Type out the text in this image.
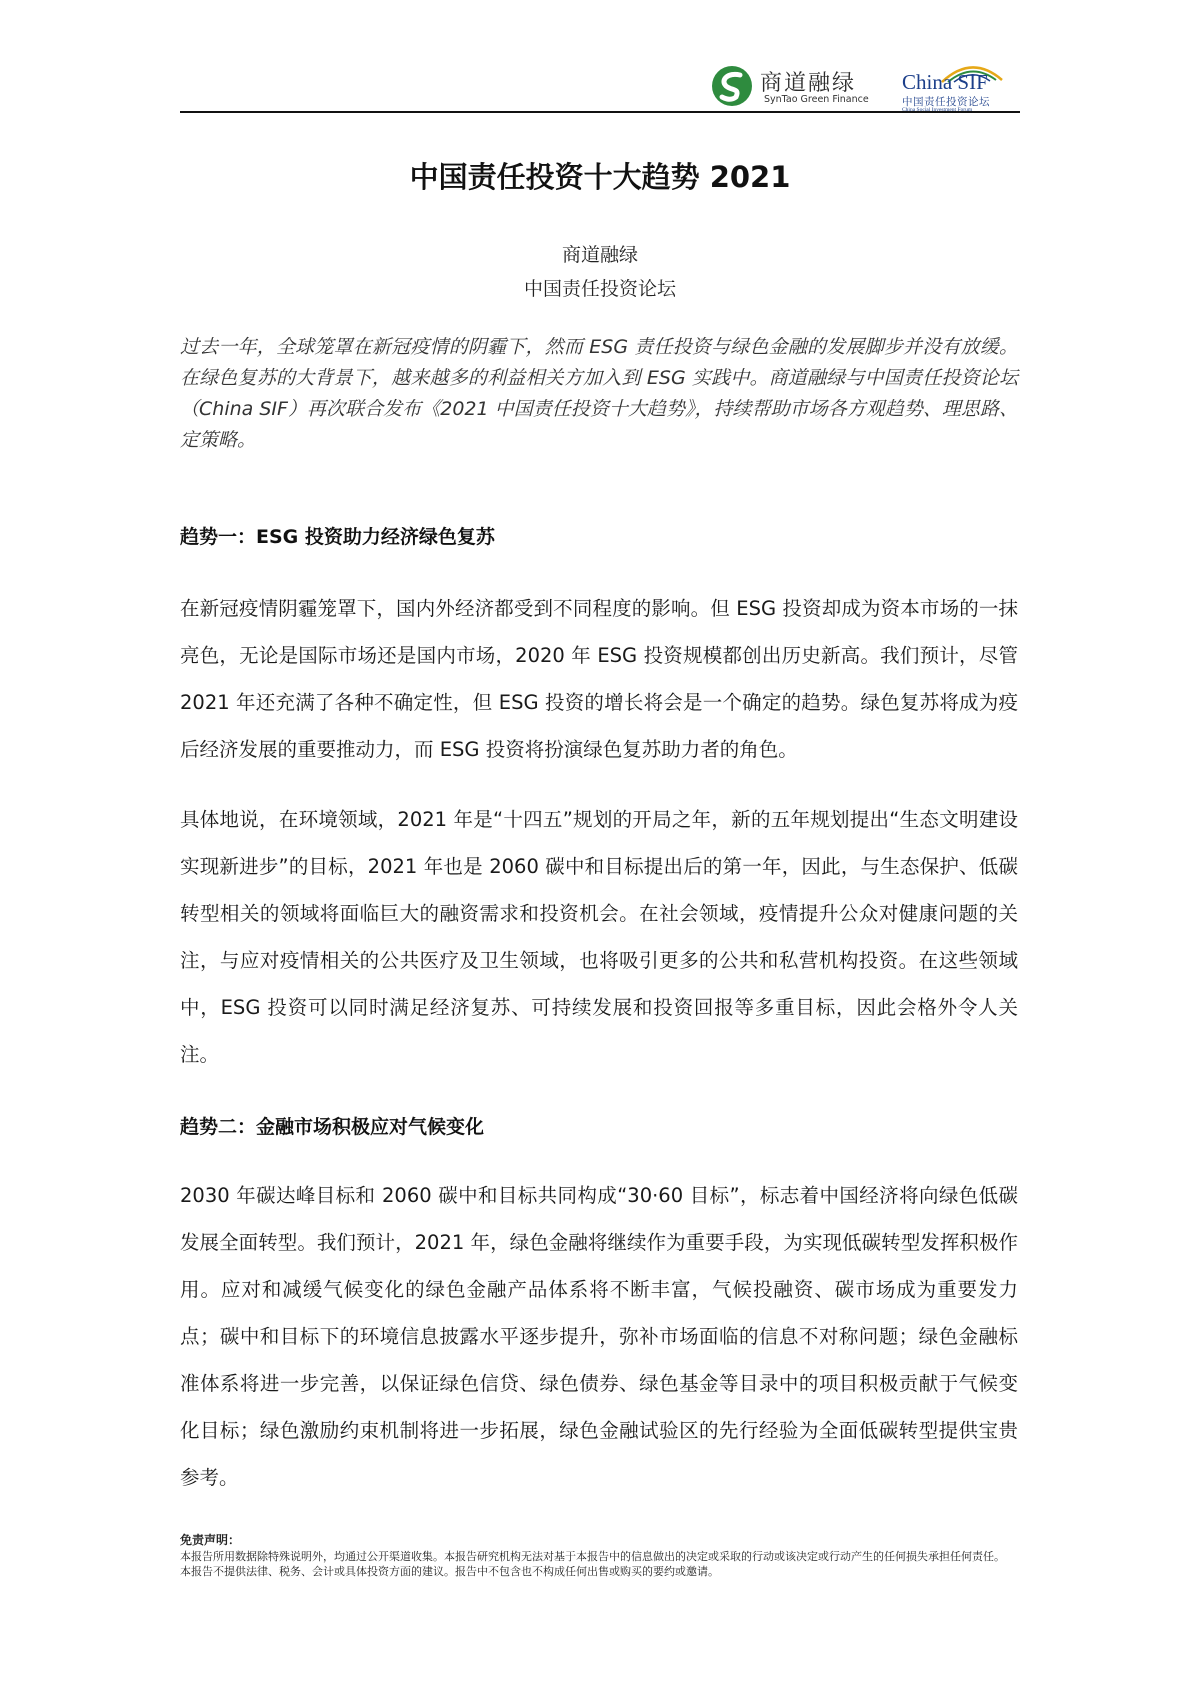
商道融绿
SynTao Green Finance
China SIF
中国责任投资论坛
China Social Investment Forum
中国责任投资十大趋势 2021
商道融绿
中国责任投资论坛

过去一年，全球笼罩在新冠疫情的阴霾下，然而 ESG 责任投资与绿色金融的发展脚步并没有放缓。在绿色复苏的大背景下，越来越多的利益相关方加入到 ESG 实践中。商道融绿与中国责任投资论坛（China SIF）再次联合发布《2021 中国责任投资十大趋势》，持续帮助市场各方观趋势、理思路、定策略。

趋势一：ESG 投资助力经济绿色复苏

在新冠疫情阴霾笼罩下，国内外经济都受到不同程度的影响。但 ESG 投资却成为资本市场的一抹亮色，无论是国际市场还是国内市场，2020 年 ESG 投资规模都创出历史新高。我们预计，尽管 2021 年还充满了各种不确定性，但 ESG 投资的增长将会是一个确定的趋势。绿色复苏将成为疫后经济发展的重要推动力，而 ESG 投资将扮演绿色复苏助力者的角色。

具体地说，在环境领域，2021 年是“十四五”规划的开局之年，新的五年规划提出“生态文明建设实现新进步”的目标，2021 年也是 2060 碳中和目标提出后的第一年，因此，与生态保护、低碳转型相关的领域将面临巨大的融资需求和投资机会。在社会领域，疫情提升公众对健康问题的关注，与应对疫情相关的公共医疗及卫生领域，也将吸引更多的公共和私营机构投资。在这些领域中，ESG 投资可以同时满足经济复苏、可持续发展和投资回报等多重目标，因此会格外令人关注。

趋势二：金融市场积极应对气候变化

2030 年碳达峰目标和 2060 碳中和目标共同构成“30·60 目标”，标志着中国经济将向绿色低碳发展全面转型。我们预计，2021 年，绿色金融将继续作为重要手段，为实现低碳转型发挥积极作用。应对和减缓气候变化的绿色金融产品体系将不断丰富，气候投融资、碳市场成为重要发力点；碳中和目标下的环境信息披露水平逐步提升，弥补市场面临的信息不对称问题；绿色金融标准体系将进一步完善，以保证绿色信贷、绿色债券、绿色基金等目录中的项目积极贡献于气候变化目标；绿色激励约束机制将进一步拓展，绿色金融试验区的先行经验为全面低碳转型提供宝贵参考。

免责声明：

本报告所用数据除特殊说明外，均通过公开渠道收集。本报告研究机构无法对基于本报告中的信息做出的决定或采取的行动或该决定或行动产生的任何损失承担任何责任。

本报告不提供法律、税务、会计或具体投资方面的建议。报告中不包含也不构成任何出售或购买的要约或邀请。
